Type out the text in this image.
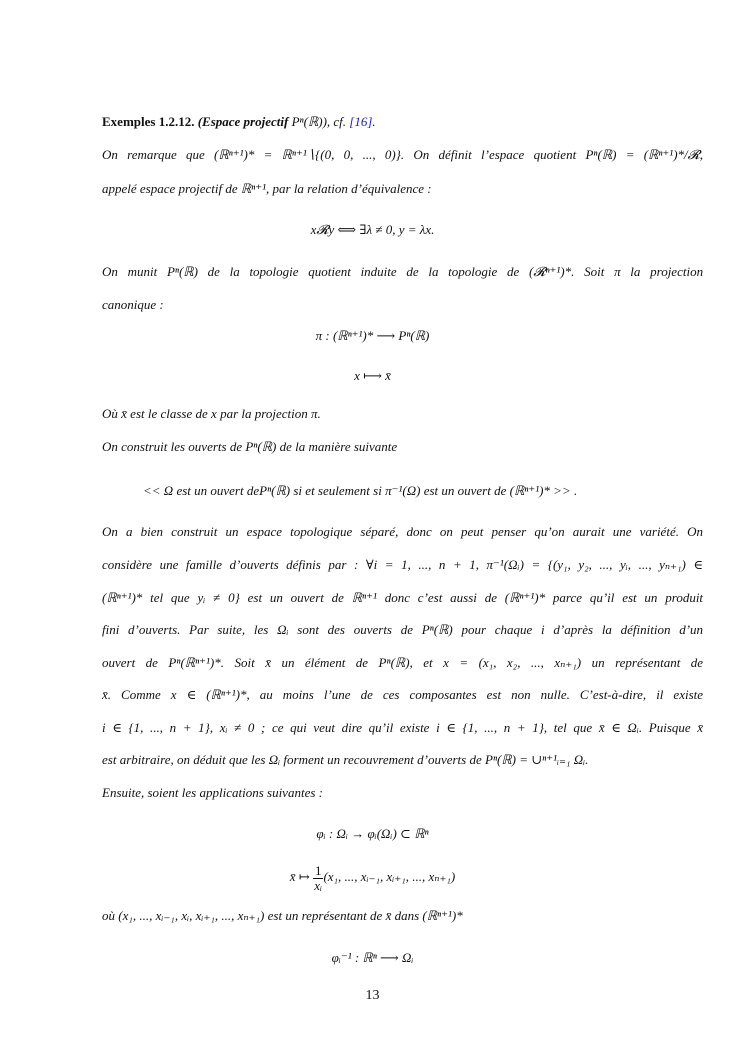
Exemples 1.2.12. (Espace projectif Pⁿ(ℝ)), cf. [16].
On remarque que (ℝⁿ⁺¹)* = ℝⁿ⁺¹∖{(0, 0, ..., 0)}. On définit l’espace quotient Pⁿ(ℝ) = (ℝⁿ⁺¹)*/𝓡,
appelé espace projectif de ℝⁿ⁺¹, par la relation d’équivalence :
x𝓡y ⟺ ∃λ ≠ 0, y = λx.
On munit Pⁿ(ℝ) de la topologie quotient induite de la topologie de (𝓡ⁿ⁺¹)*. Soit π la projection
canonique :
π : (ℝⁿ⁺¹)* ⟶ Pⁿ(ℝ)
x ⟼ x̄
Où x̄ est le classe de x par la projection π.
On construit les ouverts de Pⁿ(ℝ) de la manière suivante
<< Ω est un ouvert dePⁿ(ℝ) si et seulement si π⁻¹(Ω) est un ouvert de (ℝⁿ⁺¹)* >> .
On a bien construit un espace topologique séparé, donc on peut penser qu’on aurait une variété. On
considère une famille d’ouverts définis par : ∀i = 1, ..., n + 1, π⁻¹(Ωᵢ) = {(y₁, y₂, ..., yᵢ, ..., yₙ₊₁) ∈
(ℝⁿ⁺¹)* tel que yᵢ ≠ 0} est un ouvert de ℝⁿ⁺¹ donc c’est aussi de (ℝⁿ⁺¹)* parce qu’il est un produit
fini d’ouverts. Par suite, les Ωᵢ sont des ouverts de Pⁿ(ℝ) pour chaque i d’après la définition d’un
ouvert de Pⁿ(ℝⁿ⁺¹)*. Soit x̄ un élément de Pⁿ(ℝ), et x = (x₁, x₂, ..., xₙ₊₁) un représentant de
x̄. Comme x ∈ (ℝⁿ⁺¹)*, au moins l’une de ces composantes est non nulle. C’est-à-dire, il existe
i ∈ {1, ..., n + 1}, xᵢ ≠ 0 ; ce qui veut dire qu’il existe i ∈ {1, ..., n + 1}, tel que x̄ ∈ Ωᵢ. Puisque x̄
est arbitraire, on déduit que les Ωᵢ forment un recouvrement d’ouverts de Pⁿ(ℝ) = ∪ⁿ⁺¹ᵢ₌₁ Ωᵢ.
Ensuite, soient les applications suivantes :
φᵢ : Ωᵢ → φᵢ(Ωᵢ) ⊂ ℝⁿ
x̄ ↦ $\frac{1}{\text{xᵢ}} (x_1$, ..., xᵢ₋₁, xᵢ₊₁, ..., xₙ₊₁)
où (x₁, ..., xᵢ₋₁, xᵢ, xᵢ₊₁, ..., xₙ₊₁) est un représentant de x̄ dans (ℝⁿ⁺¹)*
φᵢ⁻¹ : ℝⁿ ⟶ Ωᵢ
13
